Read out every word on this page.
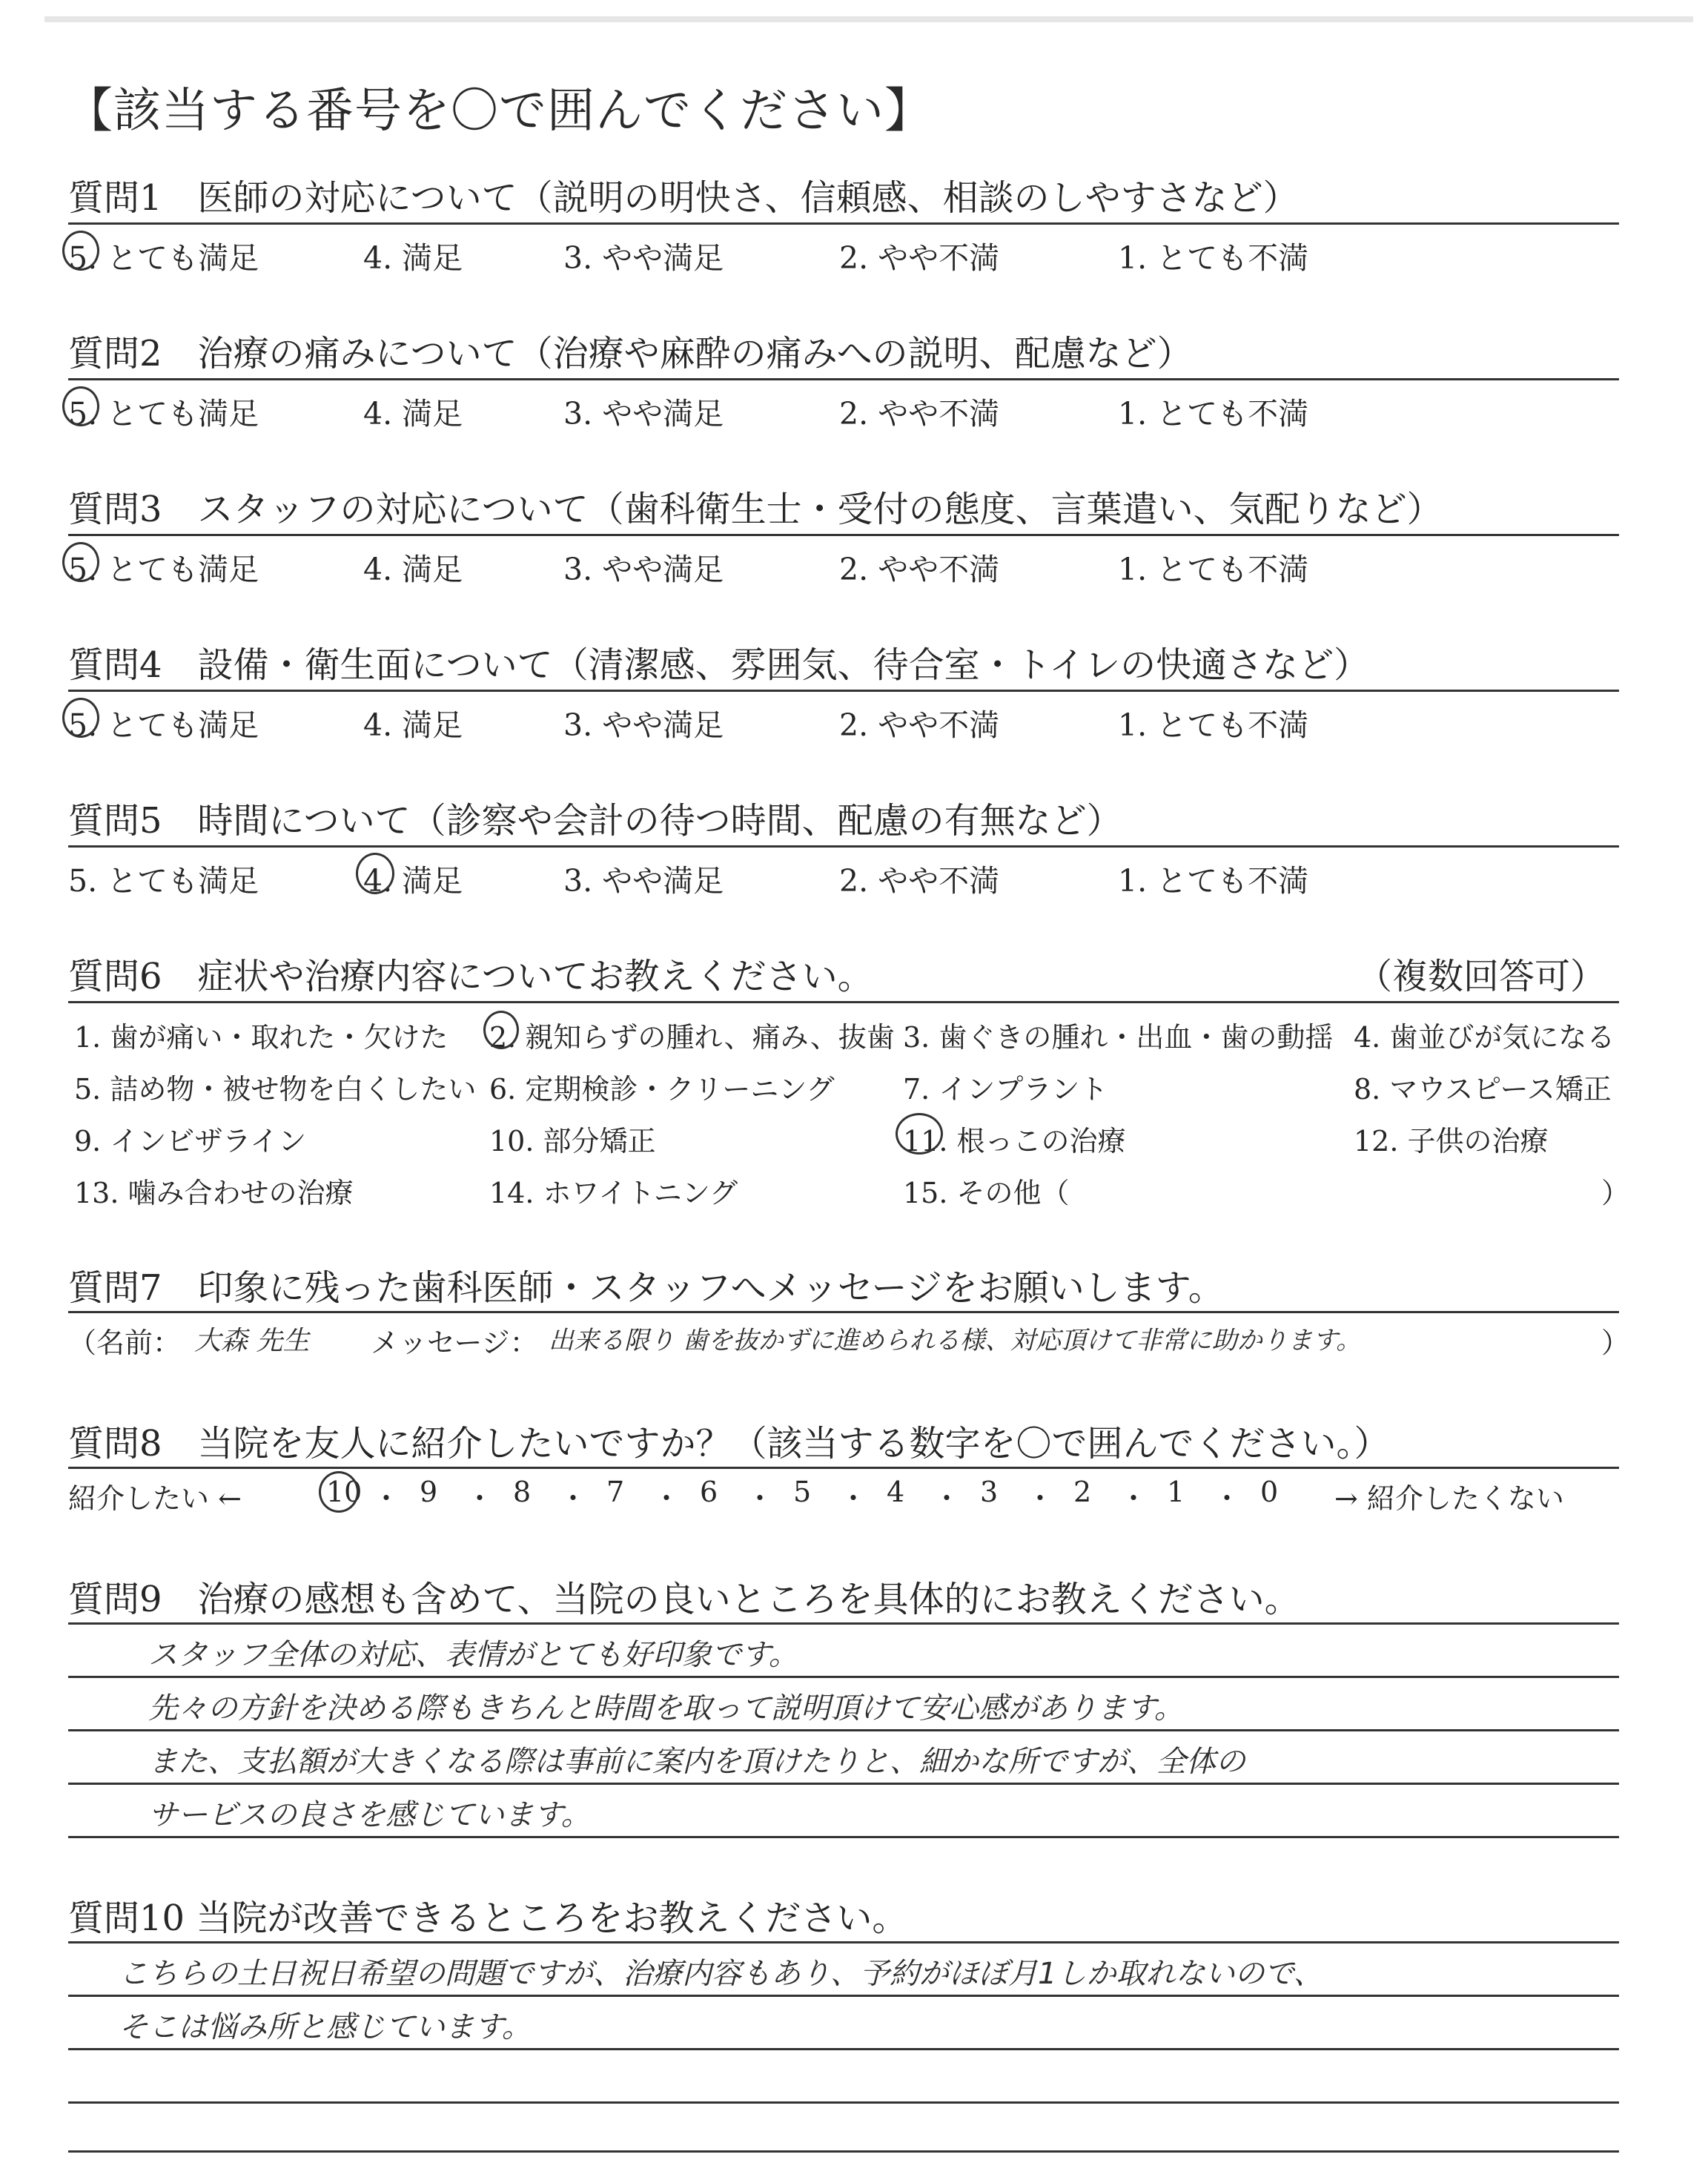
【該当する番号を〇で囲んでください】
質問1　医師の対応について（説明の明快さ、信頼感、相談のしやすさなど）
5. とても満足	4. 満足	3. やや満足	2. やや不満	1. とても不満
質問2　治療の痛みについて（治療や麻酔の痛みへの説明、配慮など）
5. とても満足	4. 満足	3. やや満足	2. やや不満	1. とても不満
質問3　スタッフの対応について（歯科衛生士・受付の態度、言葉遣い、気配りなど）
5. とても満足	4. 満足	3. やや満足	2. やや不満	1. とても不満
質問4　設備・衛生面について（清潔感、雰囲気、待合室・トイレの快適さなど）
5. とても満足	4. 満足	3. やや満足	2. やや不満	1. とても不満
質問5　時間について（診察や会計の待つ時間、配慮の有無など）
5. とても満足	4. 満足	3. やや満足	2. やや不満	1. とても不満
質問6　症状や治療内容についてお教えください。	（複数回答可）
1. 歯が痛い・取れた・欠けた 2. 親知らずの腫れ、痛み、抜歯 3. 歯ぐきの腫れ・出血・歯の動揺 4. 歯並びが気になる
5. 詰め物・被せ物を白くしたい 6. 定期検診・クリーニング 7. インプラント	8. マウスピース矯正
9. インビザライン	10. 部分矯正	11. 根っこの治療	12. 子供の治療
13. 噛み合わせの治療	14. ホワイトニング	15. その他（	）
質問7　印象に残った歯科医師・スタッフへメッセージをお願いします。
（名前： 大森 先生 メッセージ： 出来る限り 歯を抜かずに進められる様、対応頂けて非常に助かります。	）
質問8　当院を友人に紹介したいですか？（該当する数字を〇で囲んでください。）
紹介したい ←	→ 紹介したくない
10 ・ 9 ・ 8 ・ 7 ・ 6 ・ 5 ・ 4 ・ 3 ・ 2 ・ 1 ・ 0
質問9　治療の感想も含めて、当院の良いところを具体的にお教えください。
スタッフ全体の対応、表情がとても好印象です。
先々の方針を決める際もきちんと時間を取って説明頂けて安心感があります。
また、支払額が大きくなる際は事前に案内を頂けたりと、細かな所ですが、全体の
サービスの良さを感じています。
質問10 当院が改善できるところをお教えください。
こちらの土日祝日希望の問題ですが、治療内容もあり、予約がほぼ月1しか取れないので、
そこは悩み所と感じています。
